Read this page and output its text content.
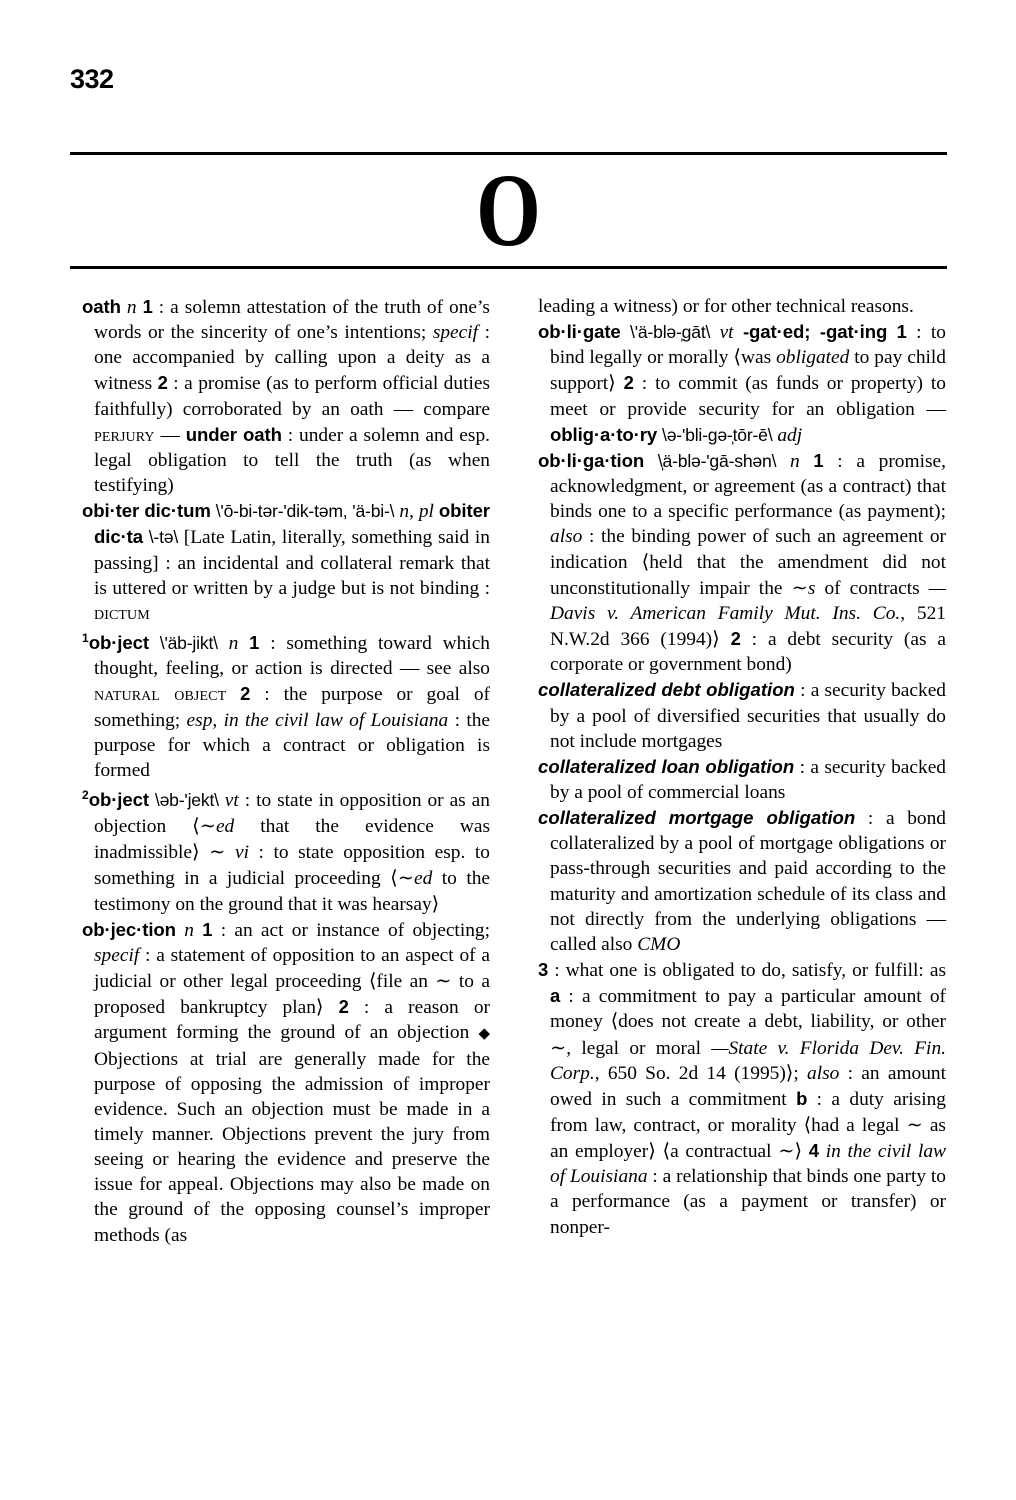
332
O

oath n 1 : a solemn attestation of the truth of one’s words or the sincerity of one’s intentions; specif : one accompanied by calling upon a deity as a witness 2 : a promise (as to perform official duties faithfully) corroborated by an oath — compare perjury — under oath : under a solemn and esp. legal obligation to tell the truth (as when testifying)

obi·ter dic·tum \'ō-bi-tər-'dik-təm, 'ä-bi-\ n, pl obiter dic·ta \-tə\ [Late Latin, literally, something said in passing] : an incidental and collateral remark that is uttered or written by a judge but is not binding : dictum

$^1$ob·ject \'äb-jikt\ n 1 : something toward which thought, feeling, or action is directed — see also natural object 2 : the purpose or goal of something; esp, in the civil law of Louisiana : the purpose for which a contract or obligation is formed

$^2$ob·ject \əb-'jekt\ vt : to state in opposition or as an objection ⟨∼ed that the evidence was inadmissible⟩ ∼ vi : to state opposition esp. to something in a judicial proceeding ⟨∼ed to the testimony on the ground that it was hearsay⟩

ob·jec·tion n 1 : an act or instance of objecting; specif : a statement of opposition to an aspect of a judicial or other legal proceeding ⟨file an ∼ to a proposed bankruptcy plan⟩ 2 : a reason or argument forming the ground of an objection ◆ Objections at trial are generally made for the purpose of opposing the admission of improper evidence. Such an objection must be made in a timely manner. Objections prevent the jury from seeing or hearing the evidence and preserve the issue for appeal. Objections may also be made on the ground of the opposing counsel’s improper methods (as

leading a witness) or for other technical reasons.

ob·li·gate \'ä-blə-̩gāt\ vt -gat·ed; -gat·ing 1 : to bind legally or morally ⟨was obligated to pay child support⟩ 2 : to commit (as funds or property) to meet or provide security for an obligation — oblig·a·to·ry \ə-'bli-gə-̩tōr-ē\ adj

ob·li·ga·tion \̩ä-blə-'gā-shən\ n 1 : a promise, acknowledgment, or agreement (as a contract) that binds one to a specific performance (as payment); also : the binding power of such an agreement or indication ⟨held that the amendment did not unconstitutionally impair the ∼s of contracts —Davis v. American Family Mut. Ins. Co., 521 N.W.2d 366 (1994)⟩ 2 : a debt security (as a corporate or government bond)

collateralized debt obligation : a security backed by a pool of diversified securities that usually do not include mortgages

collateralized loan obligation : a security backed by a pool of commercial loans

collateralized mortgage obligation : a bond collateralized by a pool of mortgage obligations or pass-through securities and paid according to the maturity and amortization schedule of its class and not directly from the underlying obligations — called also CMO

3 : what one is obligated to do, satisfy, or fulfill: as a : a commitment to pay a particular amount of money ⟨does not create a debt, liability, or other ∼, legal or moral —State v. Florida Dev. Fin. Corp., 650 So. 2d 14 (1995)⟩; also : an amount owed in such a commitment b : a duty arising from law, contract, or morality ⟨had a legal ∼ as an employer⟩ ⟨a contractual ∼⟩ 4 in the civil law of Louisiana : a relationship that binds one party to a performance (as a payment or transfer) or nonper-
